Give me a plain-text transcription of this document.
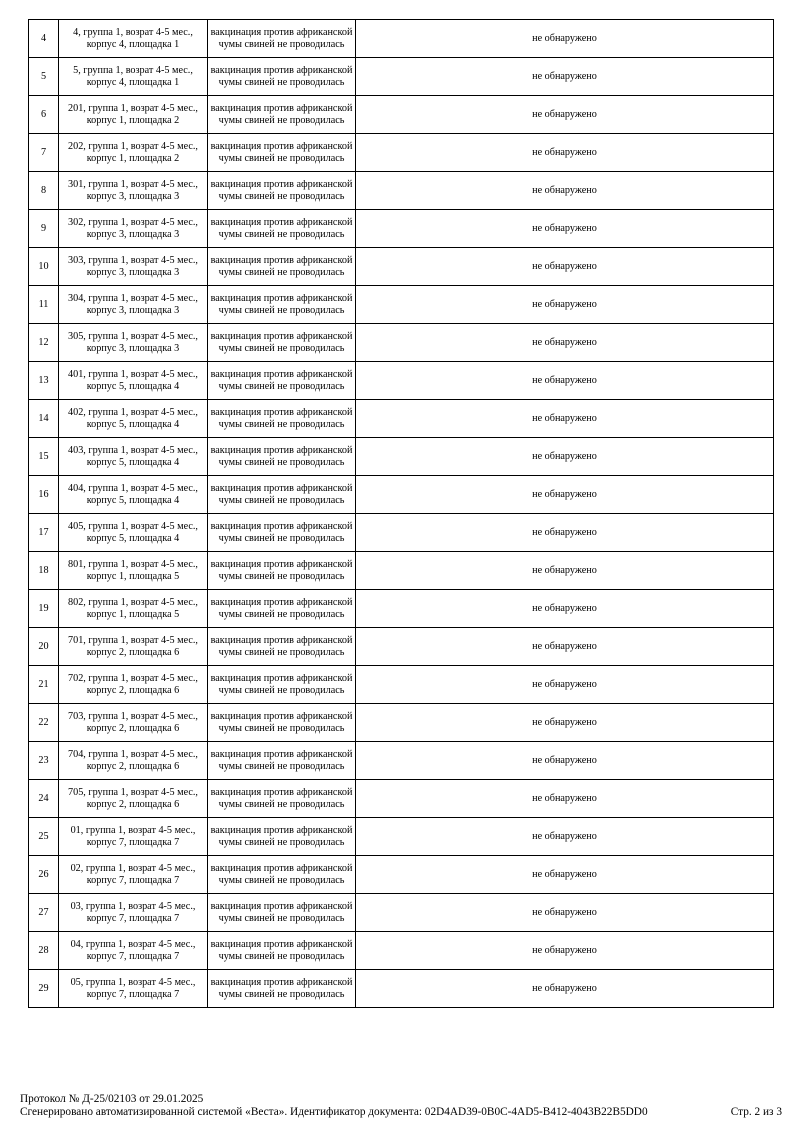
4	4, группа 1, возрат 4-5 мес., корпус 4, площадка 1	вакцинация против африканской чумы свиней не проводилась	не обнаружено
5	5, группа 1, возрат 4-5 мес., корпус 4, площадка 1	вакцинация против африканской чумы свиней не проводилась	не обнаружено
6	201, группа 1, возрат 4-5 мес., корпус 1, площадка 2	вакцинация против африканской чумы свиней не проводилась	не обнаружено
7	202, группа 1, возрат 4-5 мес., корпус 1, площадка 2	вакцинация против африканской чумы свиней не проводилась	не обнаружено
8	301, группа 1, возрат 4-5 мес., корпус 3, площадка 3	вакцинация против африканской чумы свиней не проводилась	не обнаружено
9	302, группа 1, возрат 4-5 мес., корпус 3, площадка 3	вакцинация против африканской чумы свиней не проводилась	не обнаружено
10	303, группа 1, возрат 4-5 мес., корпус 3, площадка 3	вакцинация против африканской чумы свиней не проводилась	не обнаружено
11	304, группа 1, возрат 4-5 мес., корпус 3, площадка 3	вакцинация против африканской чумы свиней не проводилась	не обнаружено
12	305, группа 1, возрат 4-5 мес., корпус 3, площадка 3	вакцинация против африканской чумы свиней не проводилась	не обнаружено
13	401, группа 1, возрат 4-5 мес., корпус 5, площадка 4	вакцинация против африканской чумы свиней не проводилась	не обнаружено
14	402, группа 1, возрат 4-5 мес., корпус 5, площадка 4	вакцинация против африканской чумы свиней не проводилась	не обнаружено
15	403, группа 1, возрат 4-5 мес., корпус 5, площадка 4	вакцинация против африканской чумы свиней не проводилась	не обнаружено
16	404, группа 1, возрат 4-5 мес., корпус 5, площадка 4	вакцинация против африканской чумы свиней не проводилась	не обнаружено
17	405, группа 1, возрат 4-5 мес., корпус 5, площадка 4	вакцинация против африканской чумы свиней не проводилась	не обнаружено
18	801, группа 1, возрат 4-5 мес., корпус 1, площадка 5	вакцинация против африканской чумы свиней не проводилась	не обнаружено
19	802, группа 1, возрат 4-5 мес., корпус 1, площадка 5	вакцинация против африканской чумы свиней не проводилась	не обнаружено
20	701, группа 1, возрат 4-5 мес., корпус 2, площадка 6	вакцинация против африканской чумы свиней не проводилась	не обнаружено
21	702, группа 1, возрат 4-5 мес., корпус 2, площадка 6	вакцинация против африканской чумы свиней не проводилась	не обнаружено
22	703, группа 1, возрат 4-5 мес., корпус 2, площадка 6	вакцинация против африканской чумы свиней не проводилась	не обнаружено
23	704, группа 1, возрат 4-5 мес., корпус 2, площадка 6	вакцинация против африканской чумы свиней не проводилась	не обнаружено
24	705, группа 1, возрат 4-5 мес., корпус 2, площадка 6	вакцинация против африканской чумы свиней не проводилась	не обнаружено
25	01, группа 1, возрат 4-5 мес., корпус 7, площадка 7	вакцинация против африканской чумы свиней не проводилась	не обнаружено
26	02, группа 1, возрат 4-5 мес., корпус 7, площадка 7	вакцинация против африканской чумы свиней не проводилась	не обнаружено
27	03, группа 1, возрат 4-5 мес., корпус 7, площадка 7	вакцинация против африканской чумы свиней не проводилась	не обнаружено
28	04, группа 1, возрат 4-5 мес., корпус 7, площадка 7	вакцинация против африканской чумы свиней не проводилась	не обнаружено
29	05, группа 1, возрат 4-5 мес., корпус 7, площадка 7	вакцинация против африканской чумы свиней не проводилась	не обнаружено
Протокол № Д-25/02103 от 29.01.2025
Сгенерировано автоматизированной системой «Веста». Идентификатор документа: 02D4AD39-0B0C-4AD5-B412-4043B22B5DD0	Стр. 2 из 3
